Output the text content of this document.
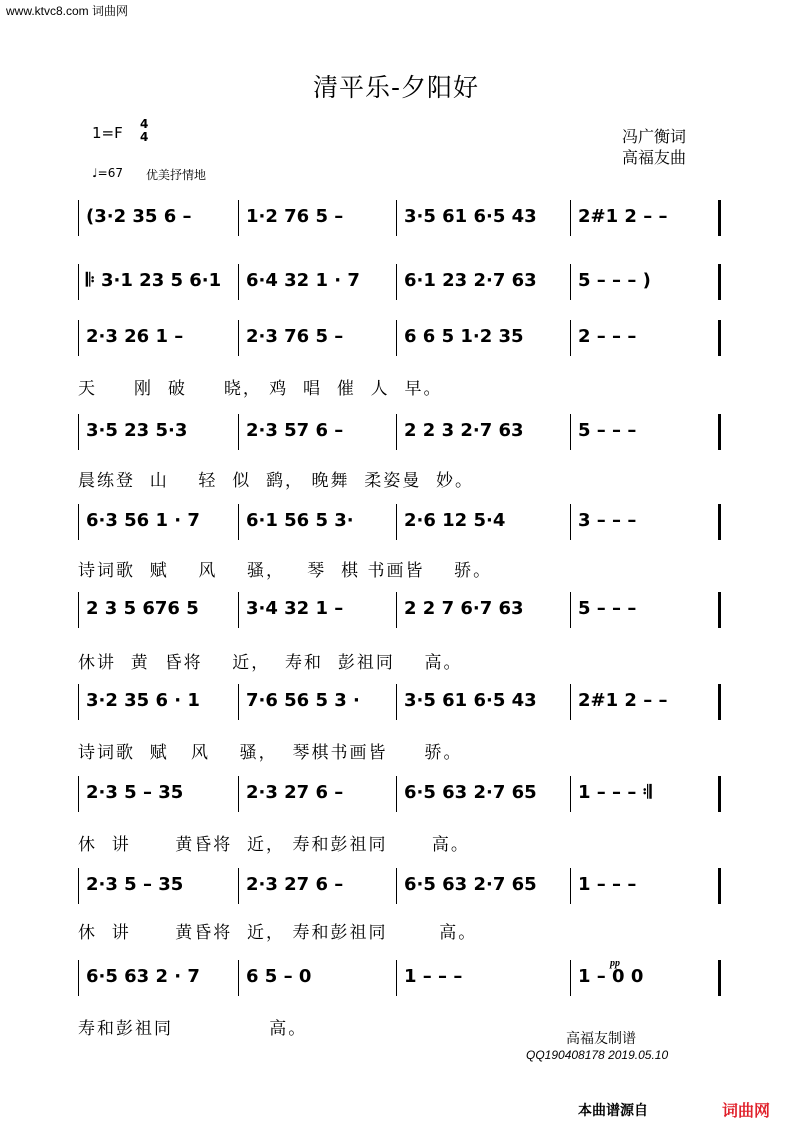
www.ktvc8.com 词曲网
清平乐-夕阳好
1=F 4
4	冯广衡词
高福友曲
♩=67 优美抒情地
pp
(3·2 35 6 –	1·2 76 5 –	3·5 61 6·5 43 2#1 2 – –
𝄆 3·1 23 5 6·1 6·4 32 1 · 7 6·1 23 2·7 63 5 – – – )
2·3 26 1 –	2·3 76 5 –	6 6 5 1·2 35	2 – – –
天     刚  破     晓， 鸡  唱  催  人  早。
3·5 23 5·3	2·3 57 6 –	2 2 3 2·7 63	5 – – –
晨练登  山    轻  似  鹞， 晚舞  柔姿曼  妙。
6·3 56 1 · 7	6·1 56 5 3·	2·6 12 5·4	3 – – –
诗词歌  赋    风    骚，   琴  棋 书画皆    骄。
2 3 5 676 5	3·4 32 1 –	2 2 7 6·7 63	5 – – –
休讲  黄  昏将    近，  寿和  彭祖同    高。
3·2 35 6 · 1	7·6 56 5 3 · 3·5 61 6·5 43 2#1 2 – –
诗词歌  赋   风    骚，  琴棋书画皆     骄。
2·3 5 – 35	2·3 27 6 –	6·5 63 2·7 65 1 – – – 𝄇
休  讲      黄昏将  近， 寿和彭祖同      高。
2·3 5 – 35	2·3 27 6 –	6·5 63 2·7 65 1 – – –
休  讲      黄昏将  近， 寿和彭祖同       高。
6·5 63 2 · 7	6 5 – 0	1 – – –	1 – 0 0
寿和彭祖同             高。	高福友制谱
QQ190408178 2019.05.10
本曲谱源自	词曲网
